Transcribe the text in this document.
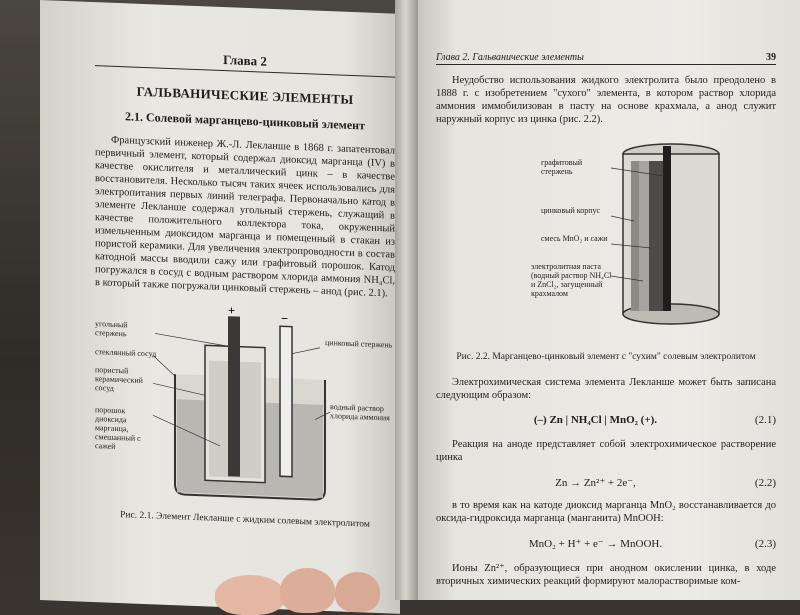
Глава 2
ГАЛЬВАНИЧЕСКИЕ ЭЛЕМЕНТЫ
2.1. Солевой марганцево-цинковый элемент
Французский инженер Ж.-Л. Лекланше в 1868 г. запатентовал первичный элемент, который содержал диоксид марганца (IV) в качестве окислителя и металлический цинк – в качестве восстановителя. Несколько тысяч таких ячеек использовались для электропитания первых линий телеграфа. Первоначально катод в элементе Лекланше содержал угольный стержень, служащий в качестве положительного коллектора тока, окруженный измельченным диоксидом марганца и помещенный в стакан из пористой керамики. Для увеличения электропроводности в состав катодной массы вводили сажу или графитовый порошок. Катод погружался в сосуд с водным раствором хлорида аммония NH₄Cl, в который также погружали цинковый стержень – анод (рис. 2.1).
+
−
угольный стержень
цинковый стержень
стеклянный сосуд
пористый керамический сосуд
водный раствор хлорида аммония
порошок диоксида марганца, смешанный с сажей
Рис. 2.1. Элемент Лекланше с жидким солевым электролитом
Глава 2. Гальванические элементы	39
Неудобство использования жидкого электролита было преодолено в 1888 г. с изобретением "сухого" элемента, в котором раствор хлорида аммония иммобилизован в пасту на основе крахмала, а анод служит наружный корпус из цинка (рис. 2.2).
графитовый стержень
цинковый корпус
смесь MnO₂ и сажи
электролитная паста (водный раствор NH₄Cl и ZnCl₂, загущенный крахмалом
Рис. 2.2. Марганцево-цинковый элемент с "сухим" солевым электролитом
Электрохимическая система элемента Лекланше может быть записана следующим образом:
(–) Zn | NH₄Cl | MnO₂ (+).	(2.1)
Реакция на аноде представляет собой электрохимическое растворение цинка
Zn → Zn²⁺ + 2e⁻,	(2.2)
в то время как на катоде диоксид марганца MnO₂ восстанавливается до оксида-гидроксида марганца (манганита) MnOOH:
MnO₂ + H⁺ + e⁻ → MnOOH.	(2.3)
Ионы Zn²⁺, образующиеся при анодном окислении цинка, в ходе вторичных химических реакций формируют малорастворимые ком-
